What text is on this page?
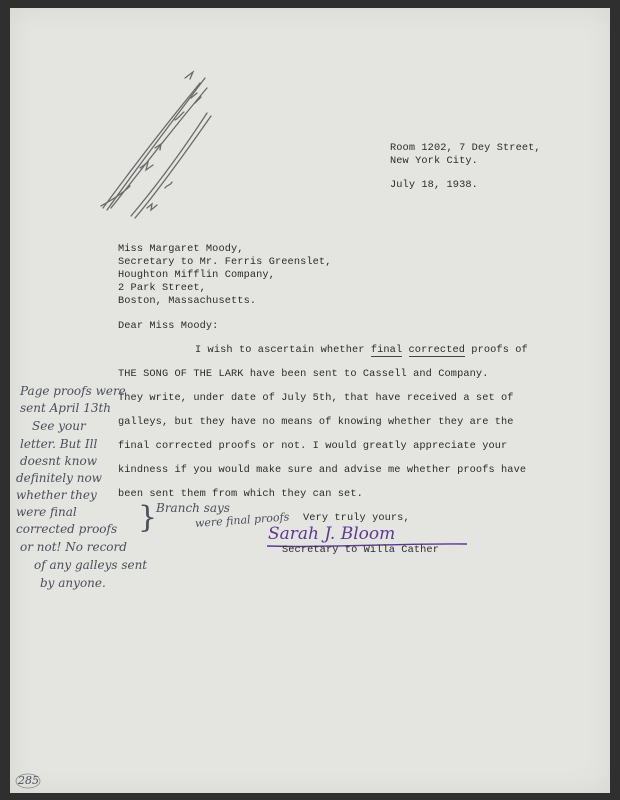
Room 1202, 7 Dey Street,
New York City.
July 18, 1938.
Miss Margaret Moody,
Secretary to Mr. Ferris Greenslet,
Houghton Mifflin Company,
2 Park Street,
Boston, Massachusetts.
Dear Miss Moody:
I wish to ascertain whether final corrected proofs of
THE SONG OF THE LARK have been sent to Cassell and Company.
They write, under date of July 5th, that have received a set of
galleys, but they have no means of knowing whether they are the
final corrected proofs or not. I would greatly appreciate your
kindness if you would make sure and advise me whether proofs have
been sent them from which they can set.
Very truly yours,
Sarah J. Bloom
Secretary to Willa Cather
Page proofs were
sent April 13th
See your
letter. But Ill
doesnt know
definitely now
whether they
were final
corrected proofs
or not! No record
of any galleys sent
by anyone.
}
Branch says
were final proofs
285
